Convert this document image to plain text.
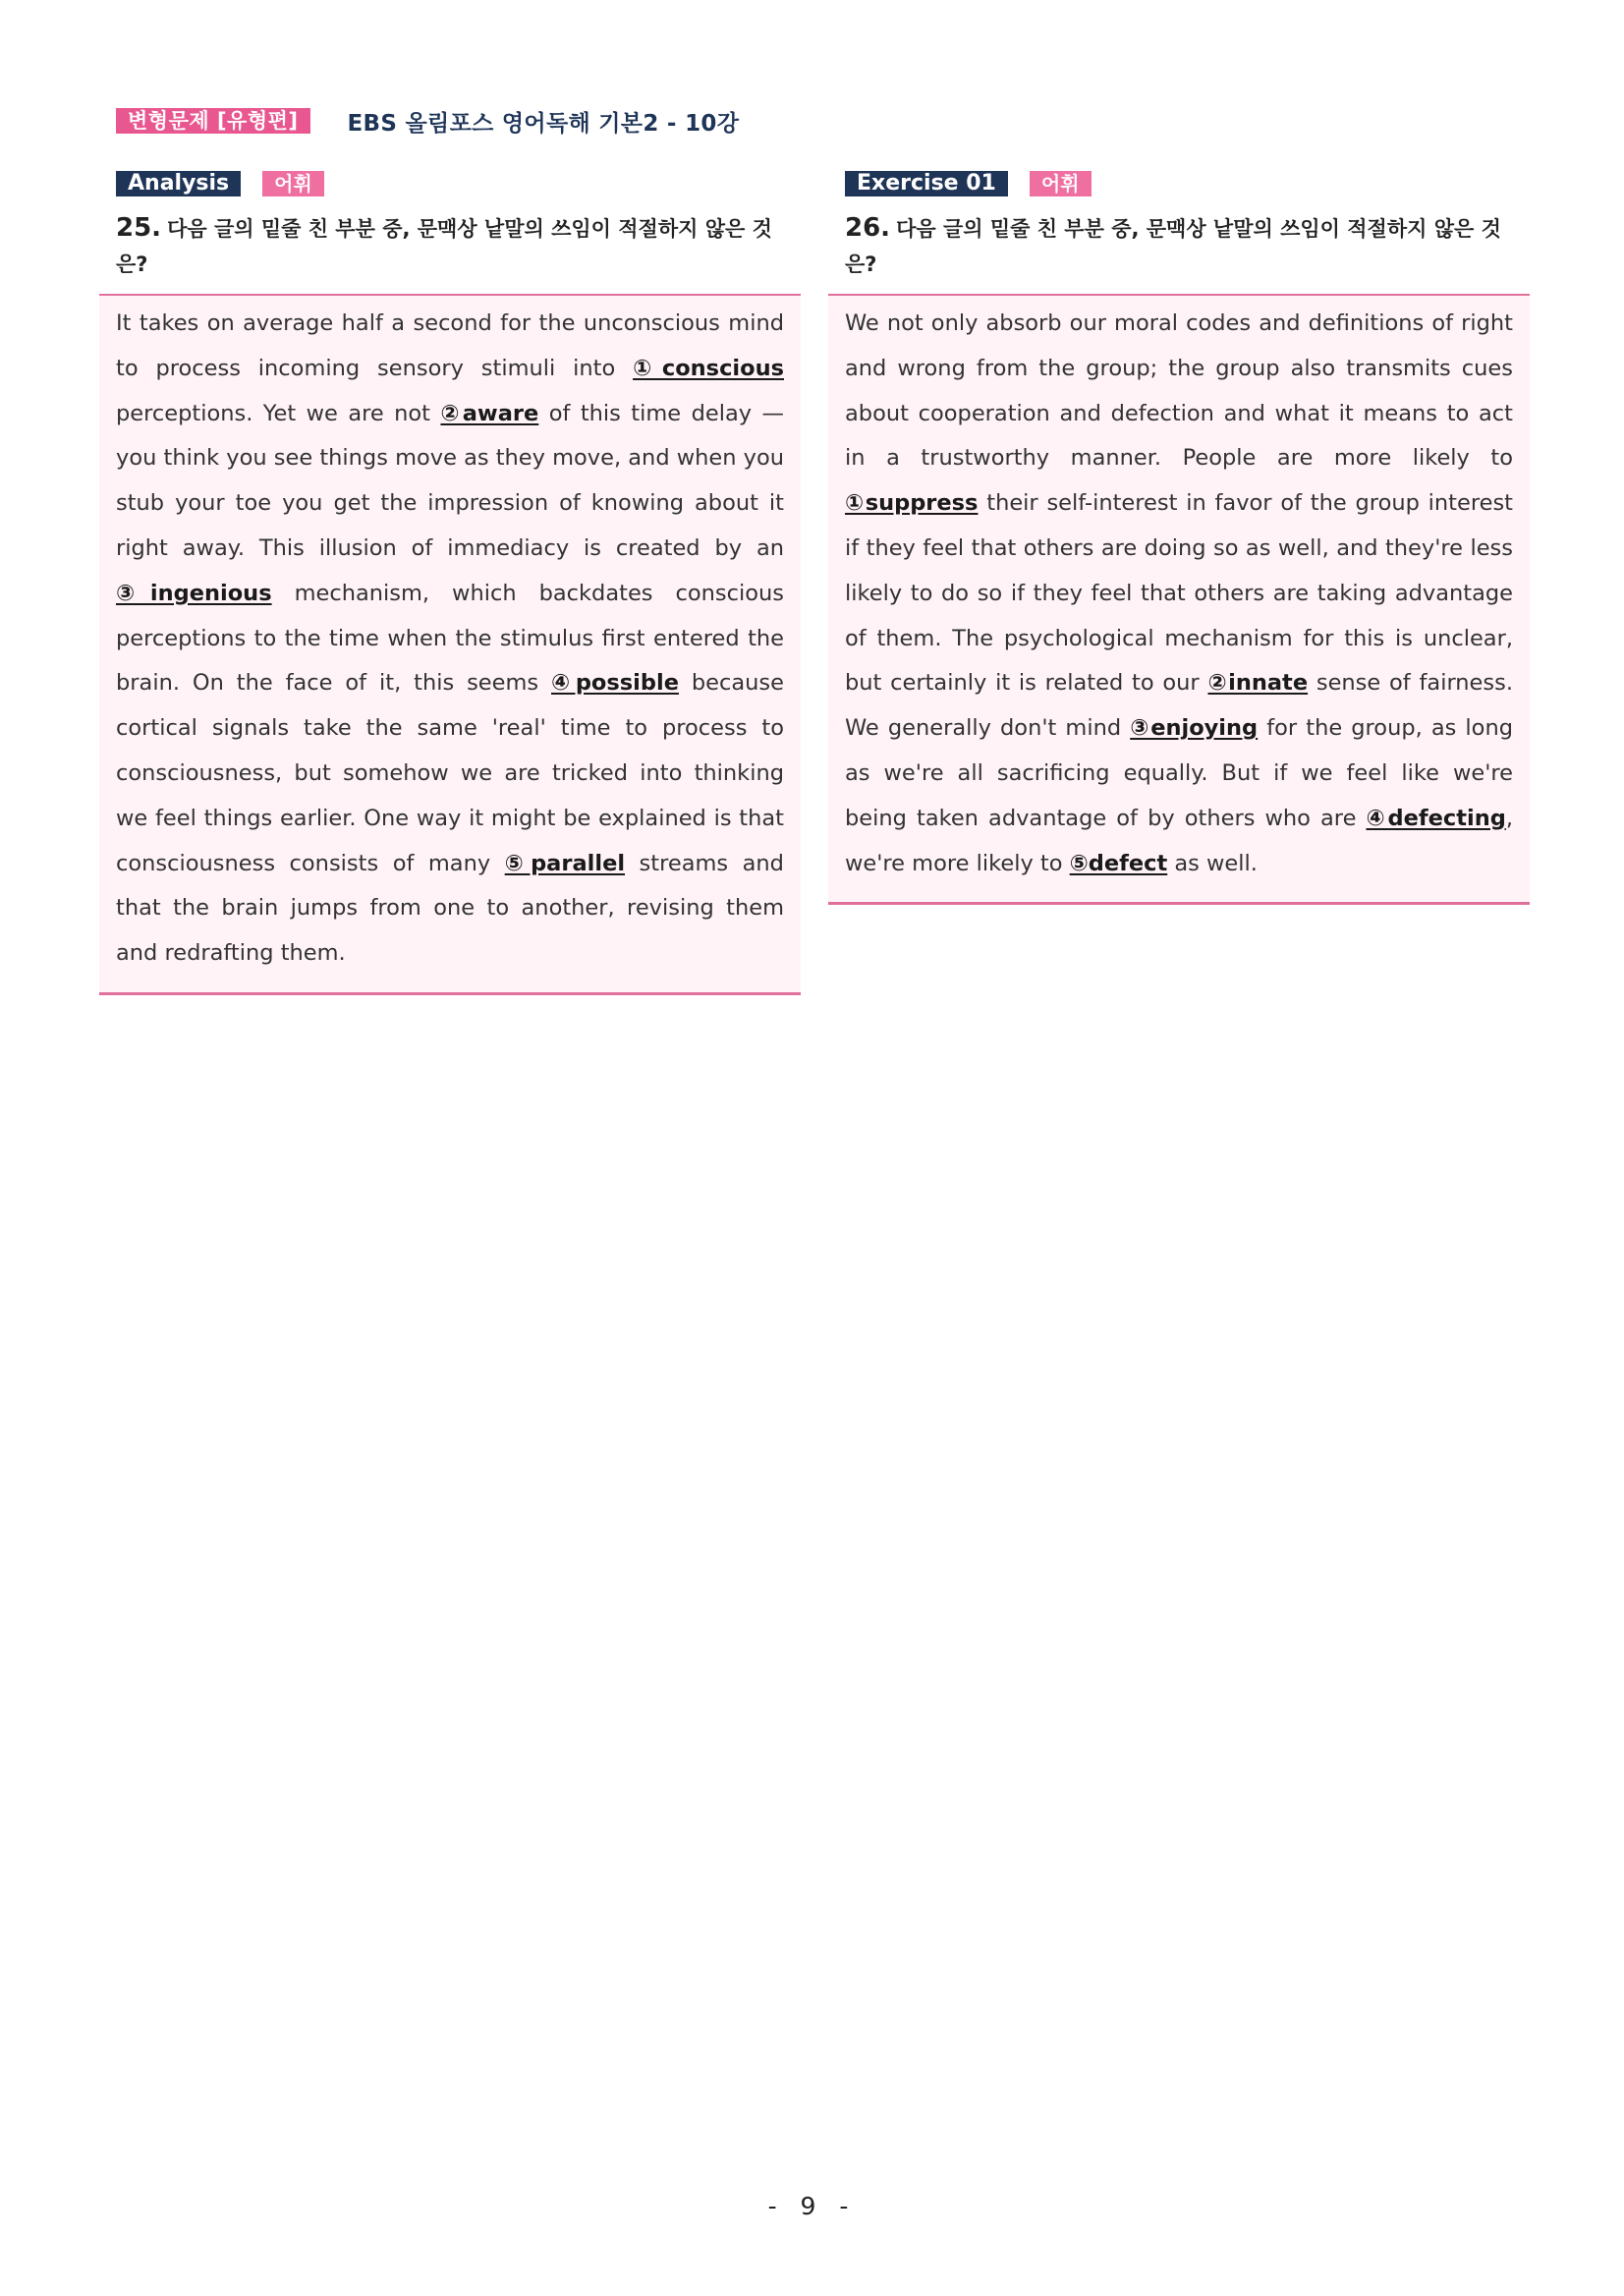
변형문제 [유형편]	EBS 올림포스 영어독해 기본2 - 10강
Analysis	어휘
25. 다음 글의 밑줄 친 부분 중, 문맥상 낱말의 쓰임이 적절하지 않은 것은?
It takes on average half a second for the unconscious mind to process incoming sensory stimuli into ①conscious perceptions. Yet we are not ②aware of this time delay — you think you see things move as they move, and when you stub your toe you get the impression of knowing about it right away. This illusion of immediacy is created by an ③ingenious mechanism, which backdates conscious perceptions to the time when the stimulus first entered the brain. On the face of it, this seems ④possible because cortical signals take the same 'real' time to process to consciousness, but somehow we are tricked into thinking we feel things earlier. One way it might be explained is that consciousness consists of many ⑤parallel streams and that the brain jumps from one to another, revising them and redrafting them.
Exercise 01	어휘
26. 다음 글의 밑줄 친 부분 중, 문맥상 낱말의 쓰임이 적절하지 않은 것은?
We not only absorb our moral codes and definitions of right and wrong from the group; the group also transmits cues about cooperation and defection and what it means to act in a trustworthy manner. People are more likely to ①suppress their self-interest in favor of the group interest if they feel that others are doing so as well, and they're less likely to do so if they feel that others are taking advantage of them. The psychological mechanism for this is unclear, but certainly it is related to our ②innate sense of fairness. We generally don't mind ③enjoying for the group, as long as we're all sacrificing equally. But if we feel like we're being taken advantage of by others who are ④defecting, we're more likely to ⑤defect as well.
- 9 -
